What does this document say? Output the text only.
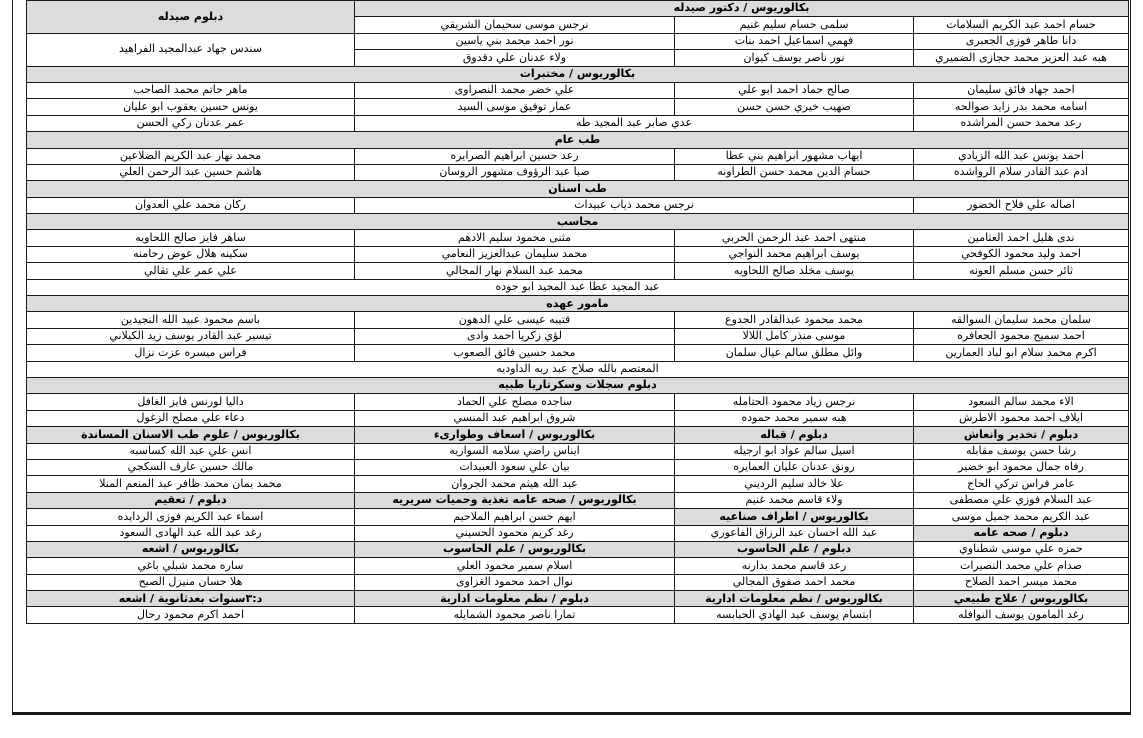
بكالوريوس / دكتور صيدله			دبلوم صيدله
حسام احمد عبد الكريم السلامات	سلمى حسام سليم غنيم	نرجس موسى سحيمان الشريقي	
دانا طاهر فوزى الجعبرى	فهمي اسماعيل احمد بنات	نور احمد محمد بني ياسين	سندس جهاد عبدالمجيد الفراهيد
هبه عبد العزيز محمد حجازى الضميري	نور ناصر يوسف كيوان	ولاء عدنان علي دقدوق	
بكالوريوس / مختبرات			
احمد جهاد فائق سليمان	صالح حماد احمد ابو علي	علي خضر محمد النصراوى	ماهر حاتم محمد الصاحب
اسامه محمد بدر زايد صوالحه	صهيب خيري حسن حسن	عمار توفيق موسى السيد	يونس حسين يعقوب ابو عليان
رعد محمد حسن المراشده	عدي صابر عبد المجيد طه		عمر عدنان زكي الحسن
طب عام			
احمد يونس عبد الله الزيادي	ايهاب مشهور ابراهيم بني عطا	رعد حسين ابراهيم الصرايره	محمد نهار عبد الكريم الضلاعين
ادم عبد القادر سلام الرواشده	حسام الدين محمد حسن الطراونه	صبا عبد الرؤوف مشهور الروسان	هاشم حسين عبد الرحمن العلي
طب اسنان			
اصاله علي فلاح الخضور	نرجس محمد ذياب عبيدات		ركان محمد علي العدوان
محاسب			
ندى هليل احمد العثامين	منتهى احمد عبد الرحمن الحربي	مثنى محمود سليم الادهم	ساهر فايز صالح اللحاويه
احمد وليد محمود الكوفحي	يوسف ابراهيم محمد النواجي	محمد سليمان عبدالعزيز النعامي	سكينه هلال عوض رحامنه
ثائر حسن مسلم العونه	يوسف مخلد صالح اللحاويه	محمد عبد السلام نهار المجالي	علي عمر علي تقالي
عبد المجيد عطا عبد المجيد ابو جوده			
مامور عهده			
سلمان محمد سليمان السوالقه	محمد محمود عبدالقادر الجدوع	قتيبه عيسى علي الدهون	باسم محمود عبيد الله النجيدين
احمد سميح محمود الجعافره	موسى منذر كامل اللالا	لؤي زكريا احمد وادى	تيسير عبد القادر يوسف زيد الكيلاني
اكرم محمد سلام ابو لباد العمارين	وائل مطلق سالم عيال سلمان	محمد حسين فائق الصعوب	فراس ميسره عزت نزال
المعتصم بالله صلاح عبد ربه الداوديه			
دبلوم سجلات وسكرتاريا طبيه			
الاء محمد سالم السعود	نرجس زياد محمود الحتامله	ساجده مصلح علي الحماد	داليا لورنس فايز الغافل
ايلاف احمد محمود الاطرش	هبه سمير محمد حموده	شروق ابراهيم عبد المنسي	دعاء علي مصلح الزغول
دبلوم / تخدير وانعاش	دبلوم / قباله	بكالوريوس / اسعاف وطوارىء	بكالوريوس / علوم طب الاسنان المساندة
رشا حسن يوسف مقابله	اسيل سالم عواد ابو ارجيله	ايناس راضي سلامه السواريه	انس علي عبد الله كساسبه
رفاه جمال محمود ابو خضير	رونق عدنان عليان العمايره	بيان علي سعود العبيدات	مالك حسين عارف السكجي
عامر فراس تركي الحاج	علا خالد سليم الرديني	عبد الله هيثم محمد الجروان	محمد يمان محمد ظافر عبد المنعم المنلا
عبد السلام فوزي علي مصطفى	ولاء قاسم محمد غنيم	بكالوريوس / صحه عامه تغذية وحميات سريريه	دبلوم / تعقيم
عبد الكريم محمد جميل موسى	بكالوريوس / اطراف صناعيه	ايهم حسن ابراهيم الملاحيم	اسماء عبد الكريم فوزى الردايده
دبلوم / صحه عامه	عبد الله احسان عبد الرزاق الفاعوري	رغد كريم محمود الحسيني	رغد عبد الله عبد الهادى السعود
حمزه علي موسى شطناوي	دبلوم / علم الحاسوب	بكالوريوس / علم الحاسوب	بكالوريوس / اشعه
صدام علي محمد النصيرات	رعد قاسم محمد بدارنه	اسلام سمير محمود العلي	ساره محمد شبلي باغي
محمد ميسر احمد الصلاح	محمد احمد صفوق المجالي	نوال احمد محمود الغزاوى	هلا حسان منيزل الصبح
بكالوريوس / علاج طبيعي	بكالوريوس / نظم معلومات ادارية	دبلوم / نظم معلومات ادارية	د:٣سنوات بعدثانوية / اشعه
رغد المامون يوسف النوافله	ابتسام يوسف عبد الهادي الحبابسه	تمارا ناصر محمود الشمايله	احمد اكرم محمود رحال
